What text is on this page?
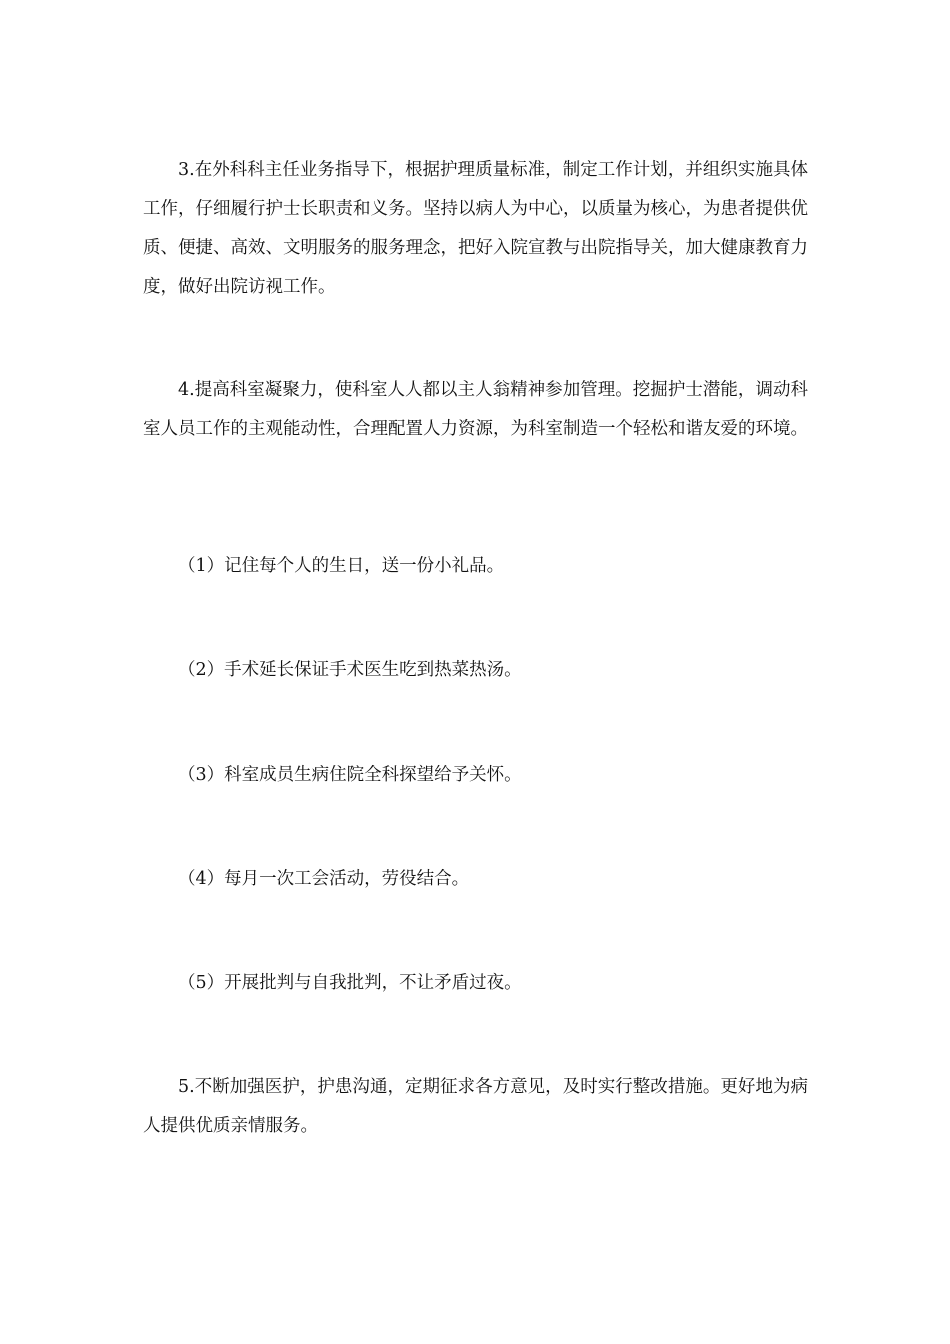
3.在外科科主任业务指导下，根据护理质量标准，制定工作计划，并组织实施具体工作，仔细履行护士长职责和义务。坚持以病人为中心，以质量为核心，为患者提供优质、便捷、高效、文明服务的服务理念，把好入院宣教与出院指导关，加大健康教育力度，做好出院访视工作。

4.提高科室凝聚力，使科室人人都以主人翁精神参加管理。挖掘护士潜能，调动科室人员工作的主观能动性，合理配置人力资源，为科室制造一个轻松和谐友爱的环境。

（1）记住每个人的生日，送一份小礼品。

（2）手术延长保证手术医生吃到热菜热汤。

（3）科室成员生病住院全科探望给予关怀。

（4）每月一次工会活动，劳役结合。

（5）开展批判与自我批判，不让矛盾过夜。

5.不断加强医护，护患沟通，定期征求各方意见，及时实行整改措施。更好地为病人提供优质亲情服务。
